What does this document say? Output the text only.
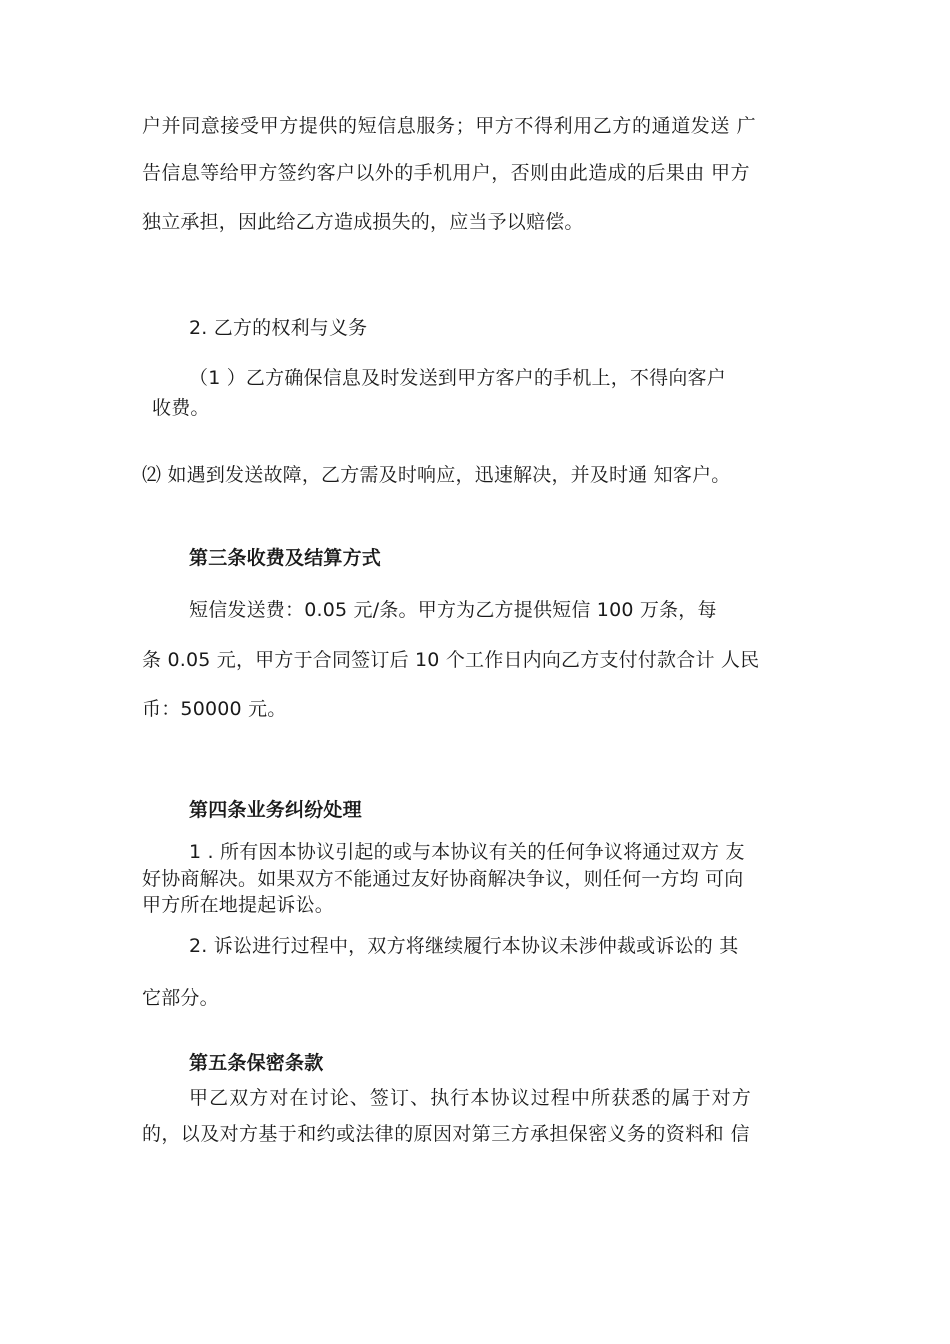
户并同意接受甲方提供的短信息服务；甲方不得利用乙方的通道发送 广
告信息等给甲方签约客户以外的手机用户，否则由此造成的后果由 甲方
独立承担，因此给乙方造成损失的，应当予以赔偿。
2. 乙方的权利与义务
（1 ）乙方确保信息及时发送到甲方客户的手机上，不得向客户
收费。
⑵ 如遇到发送故障，乙方需及时响应，迅速解决，并及时通 知客户。
第三条收费及结算方式
短信发送费：0.05 元/条。甲方为乙方提供短信 100 万条，每
条 0.05 元，甲方于合同签订后 10 个工作日内向乙方支付付款合计 人民
币：50000 元。
第四条业务纠纷处理
1 . 所有因本协议引起的或与本协议有关的任何争议将通过双方 友
好协商解决。如果双方不能通过友好协商解决争议，则任何一方均 可向
甲方所在地提起诉讼。
2. 诉讼进行过程中，双方将继续履行本协议未涉仲裁或诉讼的 其
它部分。
第五条保密条款
甲乙双方对在讨论、签订、执行本协议过程中所获悉的属于对方
的，以及对方基于和约或法律的原因对第三方承担保密义务的资料和 信
